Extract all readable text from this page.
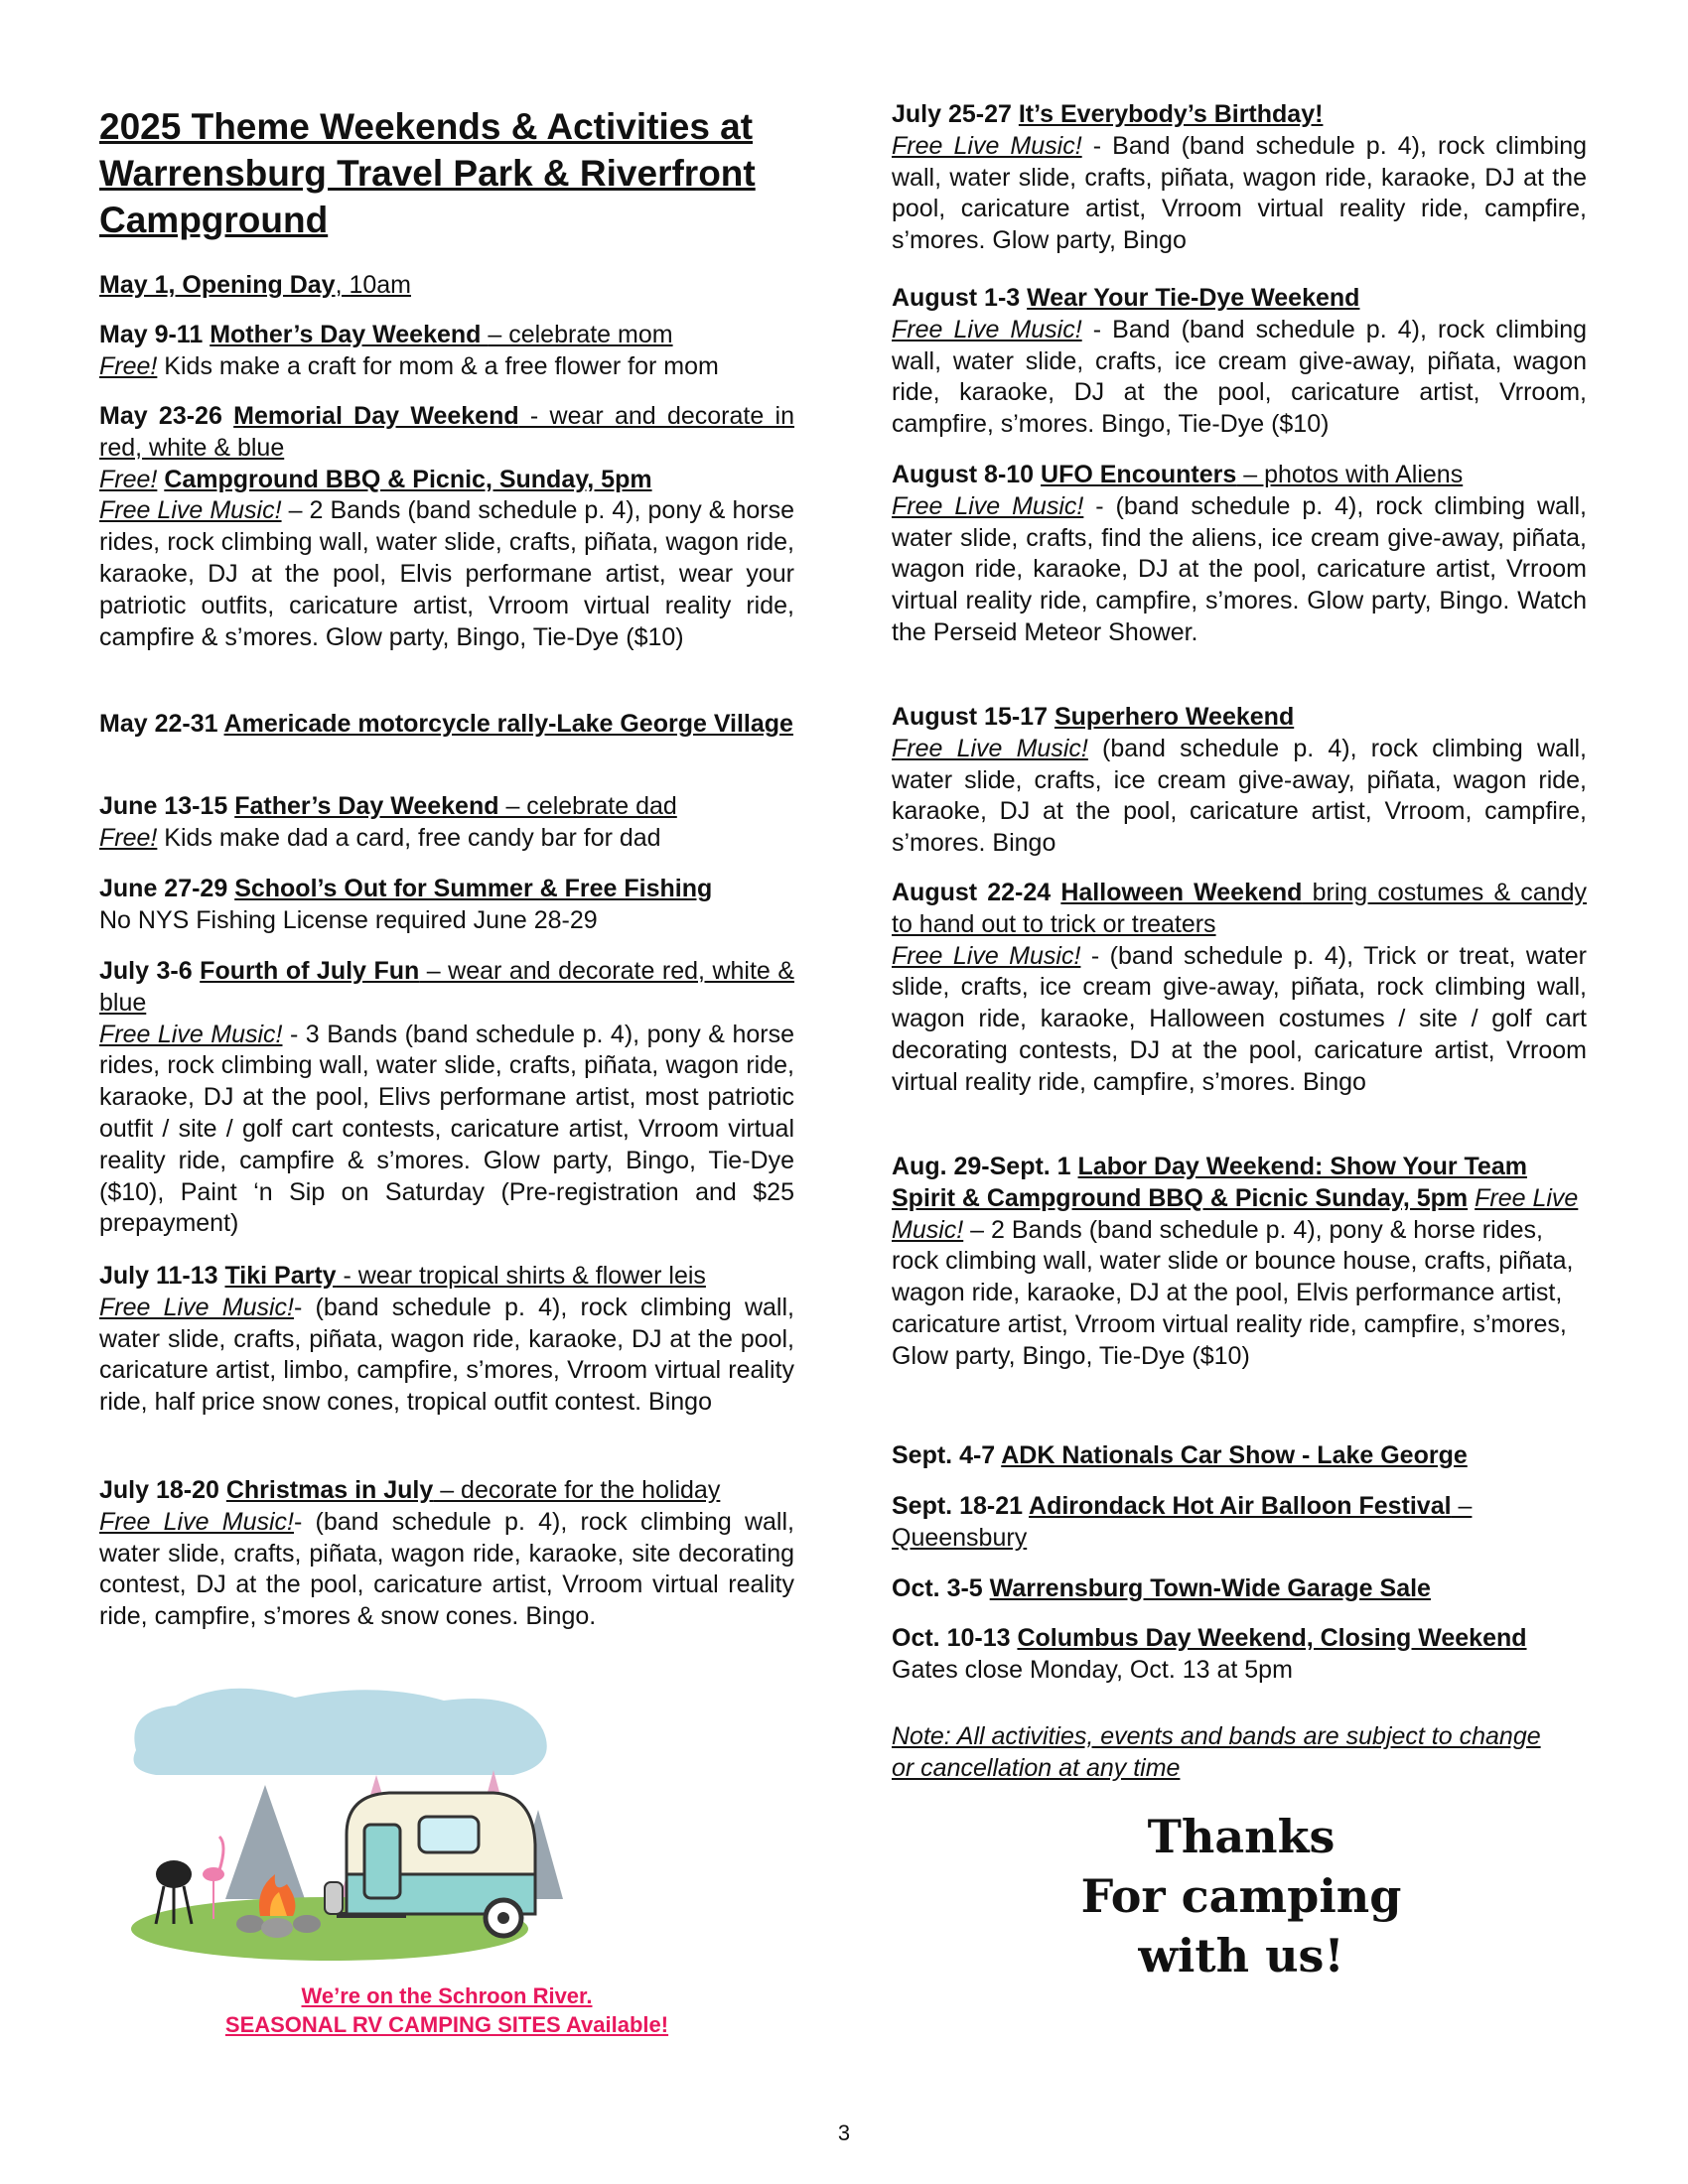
2025 Theme Weekends & Activities at Warrensburg Travel Park & Riverfront Campground
May 1, Opening Day, 10am
May 9-11 Mother’s Day Weekend – celebrate mom
Free! Kids make a craft for mom & a free flower for mom
May 23-26 Memorial Day Weekend - wear and decorate in red, white & blue
Free! Campground BBQ & Picnic, Sunday, 5pm
Free Live Music! – 2 Bands (band schedule p. 4), pony & horse rides, rock climbing wall, water slide, crafts, piñata, wagon ride, karaoke, DJ at the pool, Elvis performane artist, wear your patriotic outfits, caricature artist, Vrroom virtual reality ride, campfire & s’mores. Glow party, Bingo, Tie-Dye ($10)
May 22-31 Americade motorcycle rally-Lake George Village
June 13-15 Father’s Day Weekend – celebrate dad
Free! Kids make dad a card, free candy bar for dad
June 27-29 School’s Out for Summer & Free Fishing
No NYS Fishing License required June 28-29
July 3-6 Fourth of July Fun – wear and decorate red, white & blue
Free Live Music! - 3 Bands (band schedule p. 4), pony & horse rides, rock climbing wall, water slide, crafts, piñata, wagon ride, karaoke, DJ at the pool, Elivs performane artist, most patriotic outfit / site / golf cart contests, caricature artist, Vrroom virtual reality ride, campfire & s’mores. Glow party, Bingo, Tie-Dye ($10), Paint ‘n Sip on Saturday (Pre-registration and $25 prepayment)
July 11-13 Tiki Party - wear tropical shirts & flower leis
Free Live Music!- (band schedule p. 4), rock climbing wall, water slide, crafts, piñata, wagon ride, karaoke, DJ at the pool, caricature artist, limbo, campfire, s’mores, Vrroom virtual reality ride, half price snow cones, tropical outfit contest. Bingo
July 18-20 Christmas in July – decorate for the holiday
Free Live Music!- (band schedule p. 4), rock climbing wall, water slide, crafts, piñata, wagon ride, karaoke, site decorating contest, DJ at the pool, caricature artist, Vrroom virtual reality ride, campfire, s’mores & snow cones. Bingo.
We’re on the Schroon River.
SEASONAL RV CAMPING SITES Available!
July 25-27 It’s Everybody’s Birthday!
Free Live Music! - Band (band schedule p. 4), rock climbing wall, water slide, crafts, piñata, wagon ride, karaoke, DJ at the pool, caricature artist, Vrroom virtual reality ride, campfire, s’mores. Glow party, Bingo
August 1-3 Wear Your Tie-Dye Weekend
Free Live Music! - Band (band schedule p. 4), rock climbing wall, water slide, crafts, ice cream give-away, piñata, wagon ride, karaoke, DJ at the pool, caricature artist, Vrroom, campfire, s’mores. Bingo, Tie-Dye ($10)
August 8-10 UFO Encounters – photos with Aliens
Free Live Music! - (band schedule p. 4), rock climbing wall, water slide, crafts, find the aliens, ice cream give-away, piñata, wagon ride, karaoke, DJ at the pool, caricature artist, Vrroom virtual reality ride, campfire, s’mores. Glow party, Bingo. Watch the Perseid Meteor Shower.
August 15-17 Superhero Weekend
Free Live Music! (band schedule p. 4), rock climbing wall, water slide, crafts, ice cream give-away, piñata, wagon ride, karaoke, DJ at the pool, caricature artist, Vrroom, campfire, s’mores. Bingo
August 22-24 Halloween Weekend bring costumes & candy to hand out to trick or treaters
Free Live Music! - (band schedule p. 4), Trick or treat, water slide, crafts, ice cream give-away, piñata, rock climbing wall, wagon ride, karaoke, Halloween costumes / site / golf cart decorating contests, DJ at the pool, caricature artist, Vrroom virtual reality ride, campfire, s’mores. Bingo
Aug. 29-Sept. 1 Labor Day Weekend: Show Your Team Spirit & Campground BBQ & Picnic Sunday, 5pm Free Live Music! – 2 Bands (band schedule p. 4), pony & horse rides, rock climbing wall, water slide or bounce house, crafts, piñata, wagon ride, karaoke, DJ at the pool, Elvis performance artist, caricature artist, Vrroom virtual reality ride, campfire, s’mores, Glow party, Bingo, Tie-Dye ($10)
Sept. 4-7 ADK Nationals Car Show - Lake George
Sept. 18-21 Adirondack Hot Air Balloon Festival – Queensbury
Oct. 3-5 Warrensburg Town-Wide Garage Sale
Oct. 10-13 Columbus Day Weekend, Closing Weekend Gates close Monday, Oct. 13 at 5pm
Note: All activities, events and bands are subject to change or cancellation at any time
Thanks
For camping
with us!
3
